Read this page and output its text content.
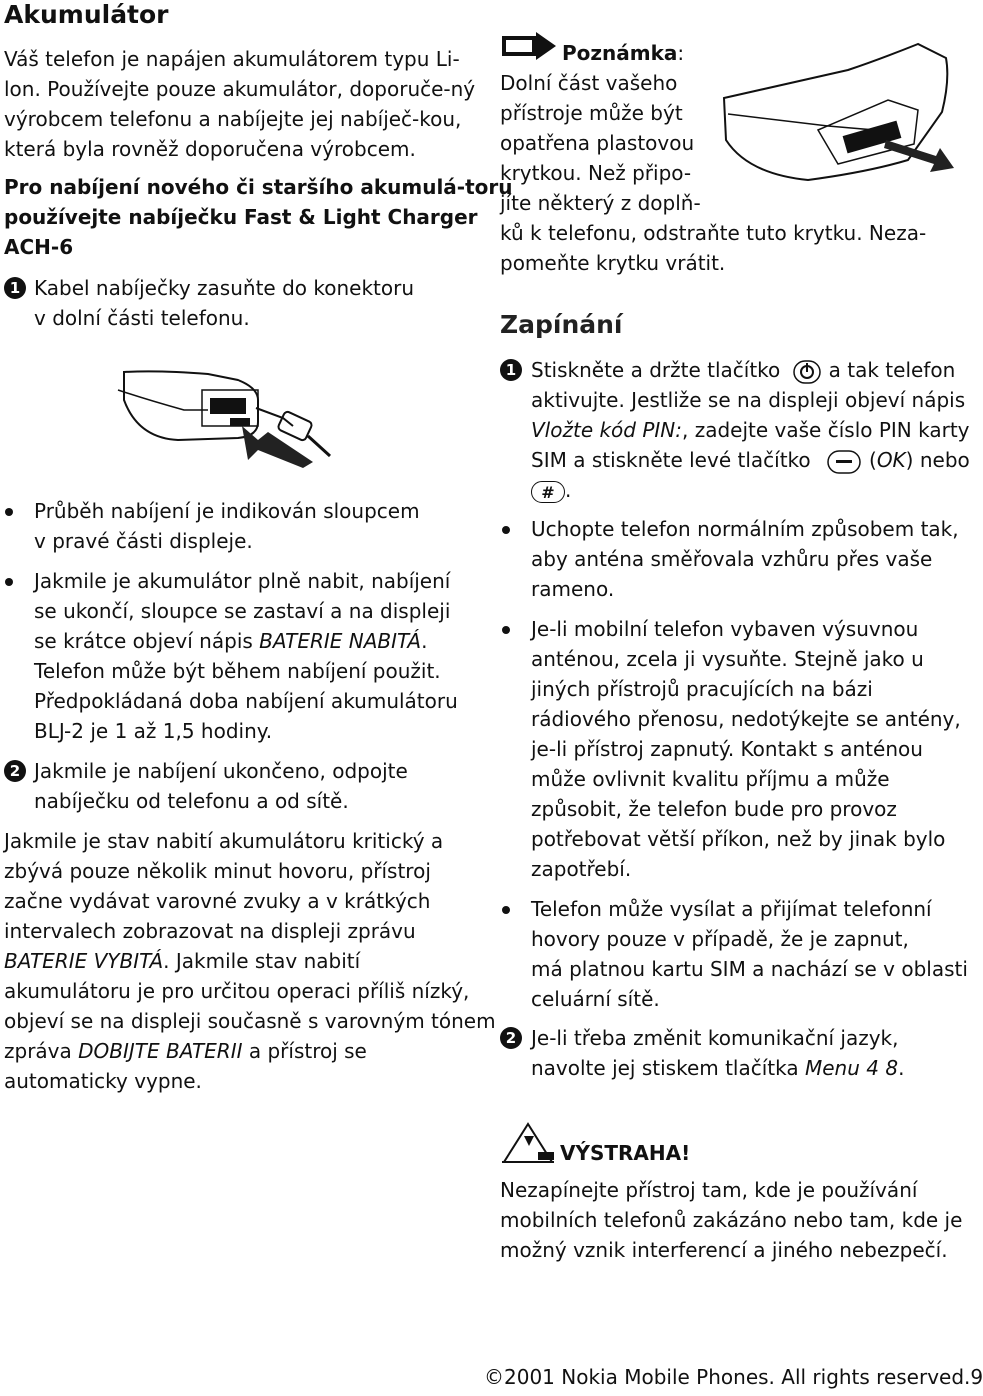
Akumulátor
Váš telefon je napájen akumulátorem typu Li-
lon. Používejte pouze akumulátor, doporuče-ný
výrobcem telefonu a nabíjejte jej nabíječ-kou,
která byla rovněž doporučena výrobcem.
Pro nabíjení nového či staršího akumulá-toru
používejte nabíječku Fast & Light Charger
ACH-6
1 Kabel nabíječky zasuňte do konektoru
v dolní části telefonu.
Průběh nabíjení je indikován sloupcem
v pravé části displeje.
Jakmile je akumulátor plně nabit, nabíjení
se ukončí, sloupce se zastaví a na displeji
se krátce objeví nápis BATERIE NABITÁ.
Telefon může být během nabíjení použit.
Předpokládaná doba nabíjení akumulátoru
BLJ-2 je 1 až 1,5 hodiny.
2 Jakmile je nabíjení ukončeno, odpojte
nabíječku od telefonu a od sítě.
Jakmile je stav nabití akumulátoru kritický a
zbývá pouze několik minut hovoru, přístroj
začne vydávat varovné zvuky a v krátkých
intervalech zobrazovat na displeji zprávu
BATERIE VYBITÁ. Jakmile stav nabití
akumulátoru je pro určitou operaci příliš nízký,
objeví se na displeji současně s varovným tónem
zpráva DOBIJTE BATERII a přístroj se
automaticky vypne.
Poznámka:
Dolní část vašeho
přístroje může být
opatřena plastovou
krytkou. Než připo-
jíte některý z doplň-
ků k telefonu, odstraňte tuto krytku. Neza-
pomeňte krytku vrátit.
Zapínání
1 Stiskněte a držte tlačítko a tak telefon
aktivujte. Jestliže se na displeji objeví nápis
Vložte kód PIN:, zadejte vaše číslo PIN karty
SIM a stiskněte levé tlačítko	(OK) nebo
# .
Uchopte telefon normálním způsobem tak,
aby anténa směřovala vzhůru přes vaše
rameno.
Je-li mobilní telefon vybaven výsuvnou
anténou, zcela ji vysuňte. Stejně jako u
jiných přístrojů pracujících na bázi
rádiového přenosu, nedotýkejte se antény,
je-li přístroj zapnutý. Kontakt s anténou
může ovlivnit kvalitu příjmu a může
způsobit, že telefon bude pro provoz
potřebovat větší příkon, než by jinak bylo
zapotřebí.
Telefon může vysílat a přijímat telefonní
hovory pouze v případě, že je zapnut,
má platnou kartu SIM a nachází se v oblasti
celuární sítě.
2 Je-li třeba změnit komunikační jazyk,
navolte jej stiskem tlačítka Menu 4 8.
VÝSTRAHA!
Nezapínejte přístroj tam, kde je používání
mobilních telefonů zakázáno nebo tam, kde je
možný vznik interferencí a jiného nebezpečí.
©2001 Nokia Mobile Phones. All rights reserved.9
